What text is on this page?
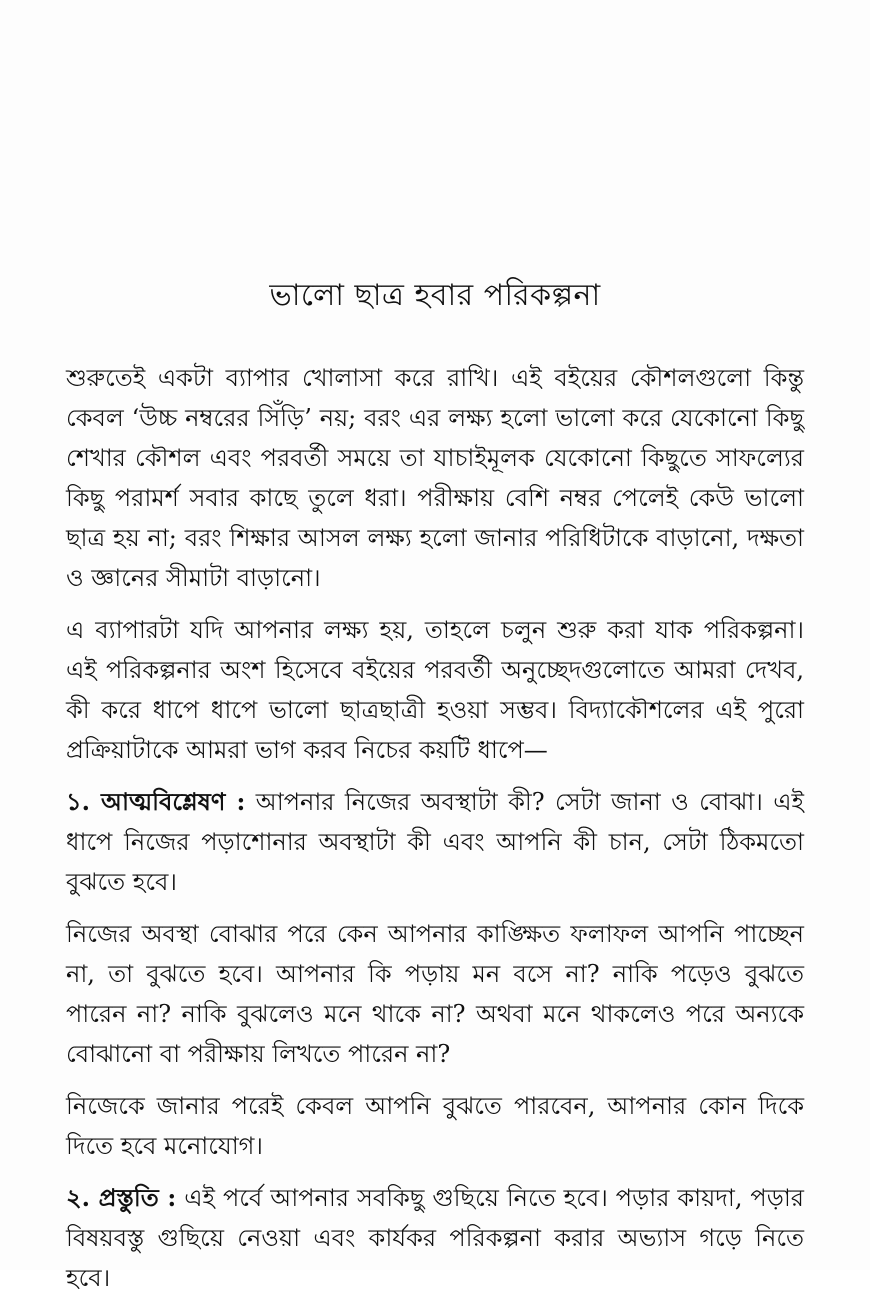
ভালো ছাত্র হবার পরিকল্পনা

শুরুতেই একটা ব্যাপার খোলাসা করে রাখি। এই বইয়ের কৌশলগুলো কিন্তু কেবল ‘উচ্চ নম্বরের সিঁড়ি’ নয়; বরং এর লক্ষ্য হলো ভালো করে যেকোনো কিছু শেখার কৌশল এবং পরবর্তী সময়ে তা যাচাইমূলক যেকোনো কিছুতে সাফল্যের কিছু পরামর্শ সবার কাছে তুলে ধরা। পরীক্ষায় বেশি নম্বর পেলেই কেউ ভালো ছাত্র হয় না; বরং শিক্ষার আসল লক্ষ্য হলো জানার পরিধিটাকে বাড়ানো, দক্ষতা ও জ্ঞানের সীমাটা বাড়ানো।

এ ব্যাপারটা যদি আপনার লক্ষ্য হয়, তাহলে চলুন শুরু করা যাক পরিকল্পনা। এই পরিকল্পনার অংশ হিসেবে বইয়ের পরবর্তী অনুচ্ছেদগুলোতে আমরা দেখব, কী করে ধাপে ধাপে ভালো ছাত্রছাত্রী হওয়া সম্ভব। বিদ্যাকৌশলের এই পুরো প্রক্রিয়াটাকে আমরা ভাগ করব নিচের কয়টি ধাপে—

১. আত্মবিশ্লেষণ : আপনার নিজের অবস্থাটা কী? সেটা জানা ও বোঝা। এই ধাপে নিজের পড়াশোনার অবস্থাটা কী এবং আপনি কী চান, সেটা ঠিকমতো বুঝতে হবে।

নিজের অবস্থা বোঝার পরে কেন আপনার কাঙ্ক্ষিত ফলাফল আপনি পাচ্ছেন না, তা বুঝতে হবে। আপনার কি পড়ায় মন বসে না? নাকি পড়েও বুঝতে পারেন না? নাকি বুঝলেও মনে থাকে না? অথবা মনে থাকলেও পরে অন্যকে বোঝানো বা পরীক্ষায় লিখতে পারেন না?

নিজেকে জানার পরেই কেবল আপনি বুঝতে পারবেন, আপনার কোন দিকে দিতে হবে মনোযোগ।

২. প্রস্তুতি : এই পর্বে আপনার সবকিছু গুছিয়ে নিতে হবে। পড়ার কায়দা, পড়ার বিষয়বস্তু গুছিয়ে নেওয়া এবং কার্যকর পরিকল্পনা করার অভ্যাস গড়ে নিতে হবে।
